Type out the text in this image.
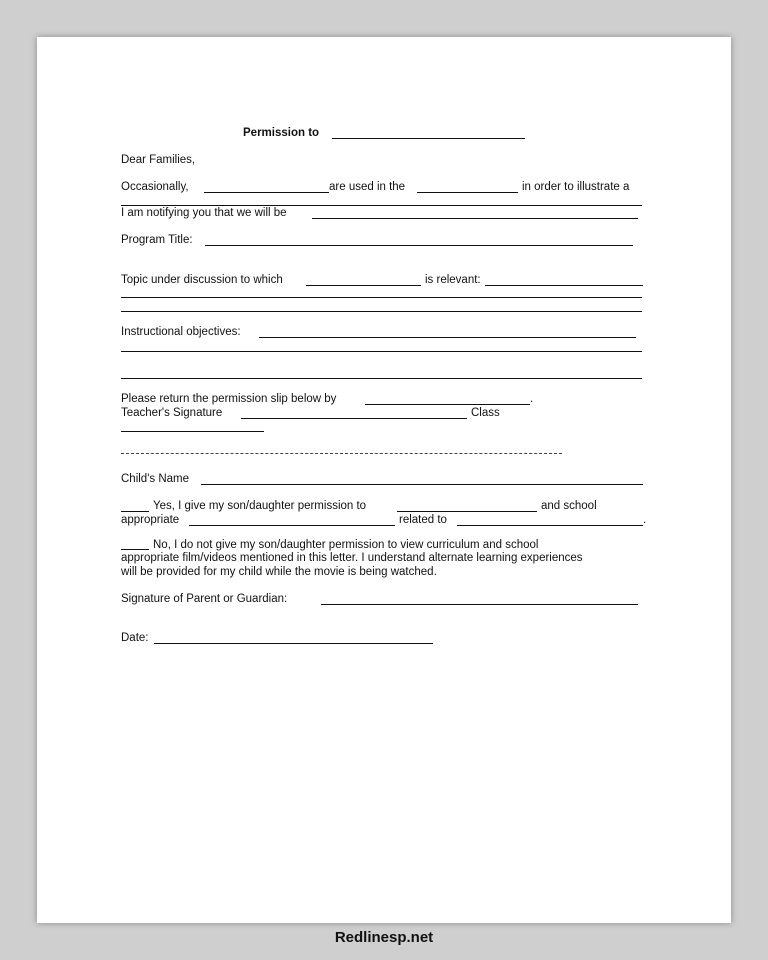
Permission to
Dear Families,
Occasionally,	are used in the	in order to illustrate a
I am notifying you that we will be
Program Title:
Topic under discussion to which	is relevant:
Instructional objectives:
Please return the permission slip below by	.
Teacher's Signature	Class
Child's Name
Yes, I give my son/daughter permission to	and school
appropriate	related to	.
No, I do not give my son/daughter permission to view curriculum and school
appropriate film/videos mentioned in this letter. I understand alternate learning experiences
will be provided for my child while the movie is being watched.
Signature of Parent or Guardian:
Date:
Redlinesp.net
